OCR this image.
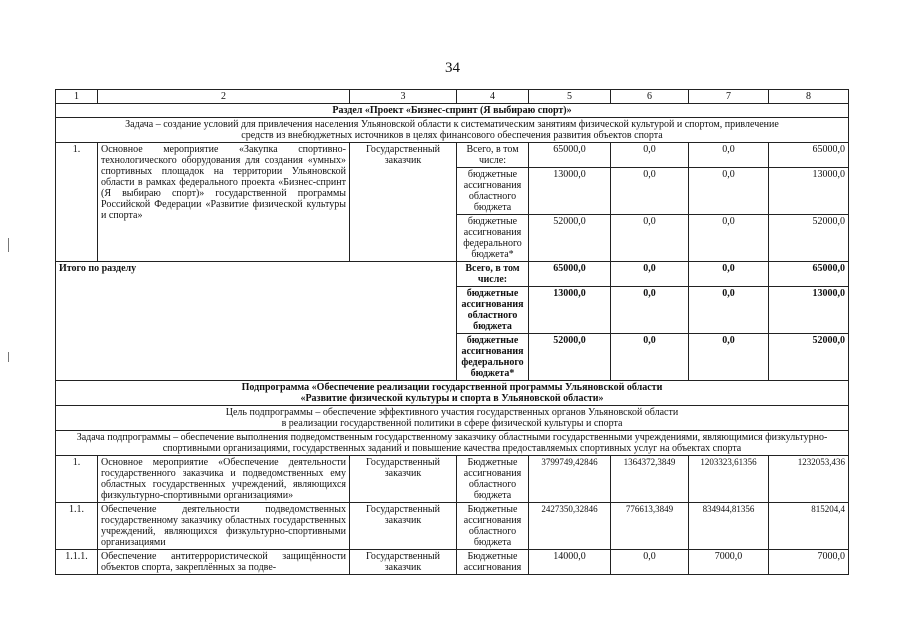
34
1	2	3	4	5	6	7	8
Раздел «Проект «Бизнес-спринт (Я выбираю спорт)»							
Задача – создание условий для привлечения населения Ульяновской области к систематическим занятиям физической культурой и спортом, привлечение средств из внебюджетных источников в целях финансового обеспечения развития объектов спорта							
1.	Основное мероприятие «Закупка спортивно-технологического оборудования для создания «умных» спортивных площадок на территории Ульяновской области в рамках федерального проекта «Бизнес-спринт (Я выбираю спорт)» государственной программы Российской Федерации «Развитие физической культуры и спорта»	Государственный заказчик	Всего, в том числе:	65000,0	0,0	0,0	65000,0
			бюджетные ассигнования областного бюджета	13000,0	0,0	0,0	13000,0
			бюджетные ассигнования федерального бюджета*	52000,0	0,0	0,0	52000,0
Итого по разделу			Всего, в том числе:	65000,0	0,0	0,0	65000,0
			бюджетные ассигнования областного бюджета	13000,0	0,0	0,0	13000,0
			бюджетные ассигнования федерального бюджета*	52000,0	0,0	0,0	52000,0
Подпрограмма «Обеспечение реализации государственной программы Ульяновской области
«Развитие физической культуры и спорта в Ульяновской области»							
Цель подпрограммы – обеспечение эффективного участия государственных органов Ульяновской области
в реализации государственной политики в сфере физической культуры и спорта							
Задача подпрограммы – обеспечение выполнения подведомственным государственному заказчику областными государственными учреждениями, являющимися физкультурно-спортивными организациями, государственных заданий и повышение качества предоставляемых спортивных услуг на объектах спорта							
1.	Основное мероприятие «Обеспечение деятельности государственного заказчика и подведомственных ему областных государственных учреждений, являющихся физкультурно-спортивными организациями»	Государственный заказчик	Бюджетные ассигнования областного бюджета	3799749,42846	1364372,3849	1203323,61356	1232053,436
1.1.	Обеспечение деятельности подведомственных государственному заказчику областных государственных учреждений, являющихся физкультурно-спортивными организациями	Государственный заказчик	Бюджетные ассигнования областного бюджета	2427350,32846	776613,3849	834944,81356	815204,4
1.1.1.	Обеспечение антитеррористической защищённости объектов спорта, закреплённых за подве-	Государственный заказчик	Бюджетные ассигнования	14000,0	0,0	7000,0	7000,0
